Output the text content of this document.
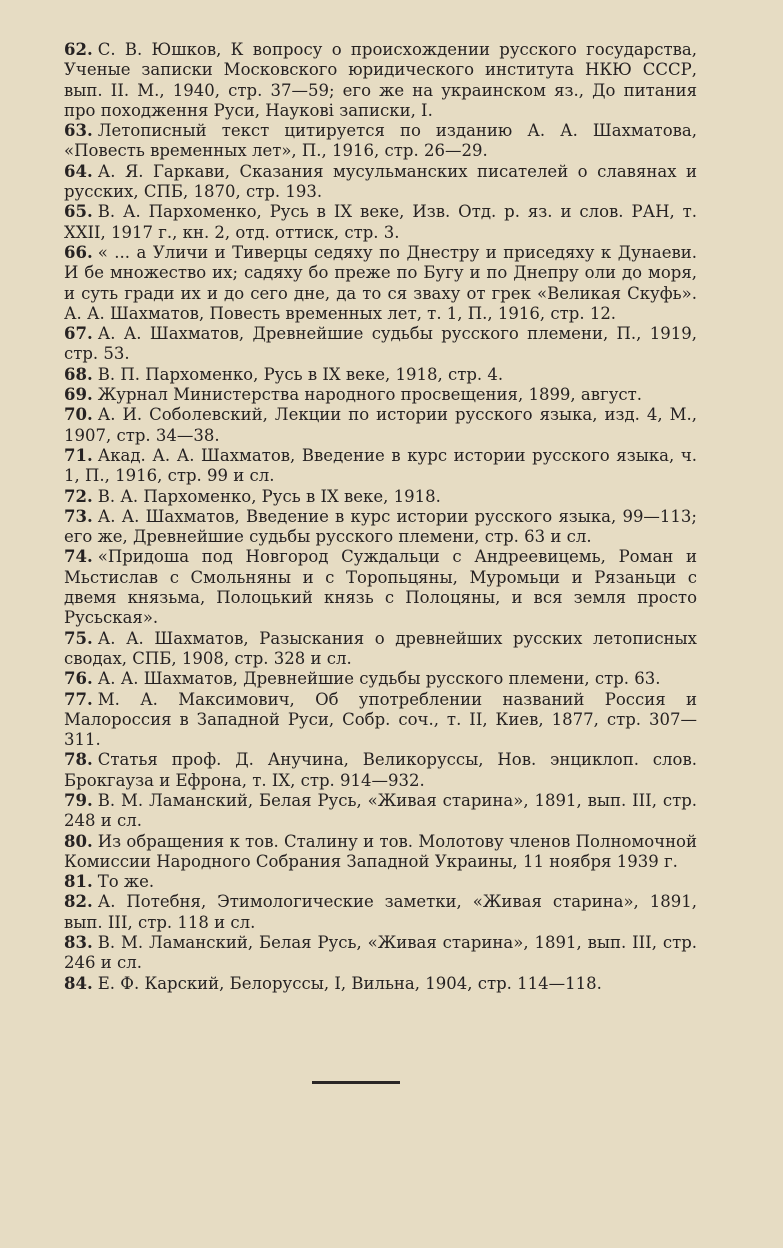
62. С. В. Юшков, К вопросу о происхождении русского государства, Ученые записки Московского юридического института НКЮ СССР, вып. II. М., 1940, стр. 37—59; его же на украинском яз., До питания про походження Руси, Науковi записки, I.

63. Летописный текст цитируется по изданию А. А. Шахматова, «Повесть временных лет», П., 1916, стр. 26—29.

64. А. Я. Гаркави, Сказания мусульманских писателей о славянах и русских, СПБ, 1870, стр. 193.

65. В. А. Пархоменко, Русь в IX веке, Изв. Отд. р. яз. и слов. РАН, т. XXII, 1917 г., кн. 2, отд. оттиск, стр. 3.

66. « ... а Уличи и Тиверцы седяху по Днестру и приседяху к Дунаеви. И бе множество их; садяху бо преже по Бугу и по Днепру оли до моря, и суть гради их и до сего дне, да то ся зваху от грек «Великая Скуфь». А. А. Шахматов, Повесть временных лет, т. 1, П., 1916, стр. 12.

67. А. А. Шахматов, Древнейшие судьбы русского племени, П., 1919, стр. 53.

68. В. П. Пархоменко, Русь в IX веке, 1918, стр. 4.

69. Журнал Министерства народного просвещения, 1899, август.

70. А. И. Соболевский, Лекции по истории русского языка, изд. 4, М., 1907, стр. 34—38.

71. Акад. А. А. Шахматов, Введение в курс истории русского языка, ч. 1, П., 1916, стр. 99 и сл.

72. В. А. Пархоменко, Русь в IX веке, 1918.

73. А. А. Шахматов, Введение в курс истории русского языка, 99—113; его же, Древнейшие судьбы русского племени, стр. 63 и сл.

74. «Придоша под Новгород Суждальци с Андреевицемь, Роман и Мьстислав с Смольняны и с Торопьцяны, Муромьци и Рязаньци с двемя князьма, Полоцький князь с Полоцяны, и вся земля просто Русьская».

75. А. А. Шахматов, Разыскания о древнейших русских летописных сводах, СПБ, 1908, стр. 328 и сл.

76. А. А. Шахматов, Древнейшие судьбы русского племени, стр. 63.

77. М. А. Максимович, Об употреблении названий Россия и Малороссия в Западной Руси, Собр. соч., т. II, Киев, 1877, стр. 307—311.

78. Статья проф. Д. Анучина, Великоруссы, Нов. энциклоп. слов. Брокгауза и Ефрона, т. IX, стр. 914—932.

79. В. М. Ламанский, Белая Русь, «Живая старина», 1891, вып. III, стр. 248 и сл.

80. Из обращения к тов. Сталину и тов. Молотову членов Полномочной Комиссии Народного Собрания Западной Украины, 11 ноября 1939 г.

81. То же.

82. А. Потебня, Этимологические заметки, «Живая старина», 1891, вып. III, стр. 118 и сл.

83. В. М. Ламанский, Белая Русь, «Живая старина», 1891, вып. III, стр. 246 и сл.

84. Е. Ф. Карский, Белоруссы, I, Вильна, 1904, стр. 114—118.
